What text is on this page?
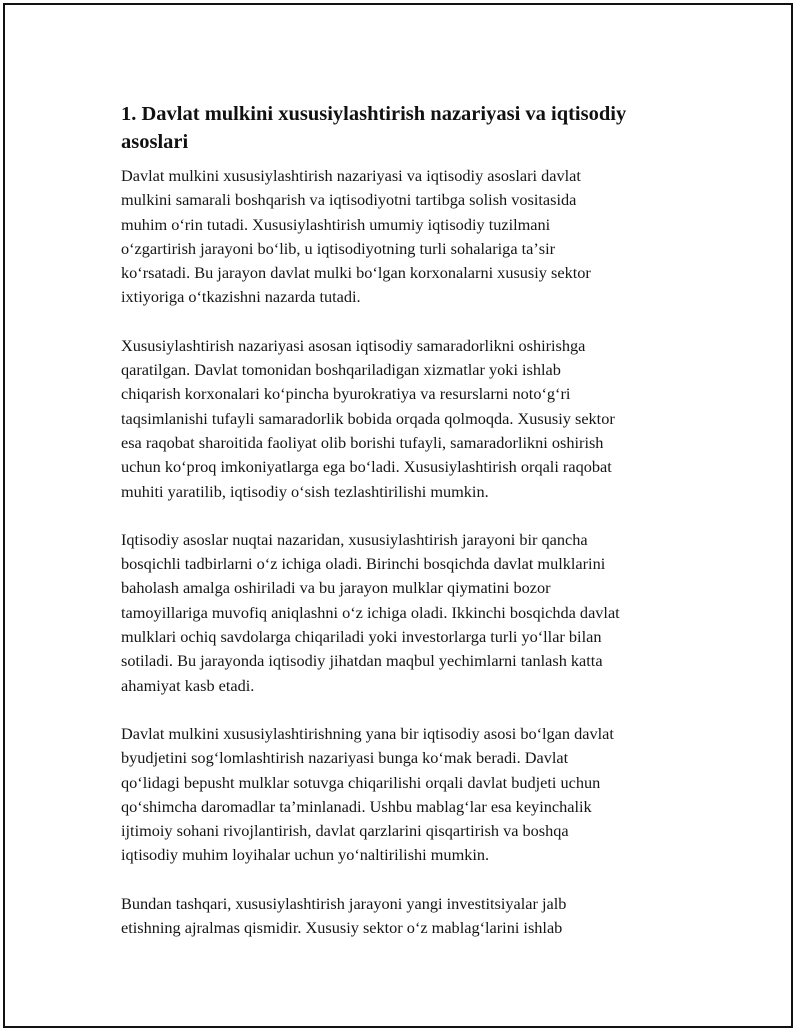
1. Davlat mulkini xususiylashtirish nazariyasi va iqtisodiy asoslari

Davlat mulkini xususiylashtirish nazariyasi va iqtisodiy asoslari davlat
mulkini samarali boshqarish va iqtisodiyotni tartibga solish vositasida
muhim oʻrin tutadi. Xususiylashtirish umumiy iqtisodiy tuzilmani
oʻzgartirish jarayoni boʻlib, u iqtisodiyotning turli sohalariga taʼsir
koʻrsatadi. Bu jarayon davlat mulki boʻlgan korxonalarni xususiy sektor
ixtiyoriga oʻtkazishni nazarda tutadi.

Xususiylashtirish nazariyasi asosan iqtisodiy samaradorlikni oshirishga
qaratilgan. Davlat tomonidan boshqariladigan xizmatlar yoki ishlab
chiqarish korxonalari koʻpincha byurokratiya va resurslarni notoʻgʻri
taqsimlanishi tufayli samaradorlik bobida orqada qolmoqda. Xususiy sektor
esa raqobat sharoitida faoliyat olib borishi tufayli, samaradorlikni oshirish
uchun koʻproq imkoniyatlarga ega boʻladi. Xususiylashtirish orqali raqobat
muhiti yaratilib, iqtisodiy oʻsish tezlashtirilishi mumkin.

Iqtisodiy asoslar nuqtai nazaridan, xususiylashtirish jarayoni bir qancha
bosqichli tadbirlarni oʻz ichiga oladi. Birinchi bosqichda davlat mulklarini
baholash amalga oshiriladi va bu jarayon mulklar qiymatini bozor
tamoyillariga muvofiq aniqlashni oʻz ichiga oladi. Ikkinchi bosqichda davlat
mulklari ochiq savdolarga chiqariladi yoki investorlarga turli yoʻllar bilan
sotiladi. Bu jarayonda iqtisodiy jihatdan maqbul yechimlarni tanlash katta
ahamiyat kasb etadi.

Davlat mulkini xususiylashtirishning yana bir iqtisodiy asosi boʻlgan davlat
byudjetini sogʻlomlashtirish nazariyasi bunga koʻmak beradi. Davlat
qoʻlidagi bepusht mulklar sotuvga chiqarilishi orqali davlat budjeti uchun
qoʻshimcha daromadlar taʼminlanadi. Ushbu mablagʻlar esa keyinchalik
ijtimoiy sohani rivojlantirish, davlat qarzlarini qisqartirish va boshqa
iqtisodiy muhim loyihalar uchun yoʻnaltirilishi mumkin.

Bundan tashqari, xususiylashtirish jarayoni yangi investitsiyalar jalb
etishning ajralmas qismidir. Xususiy sektor oʻz mablagʻlarini ishlab
